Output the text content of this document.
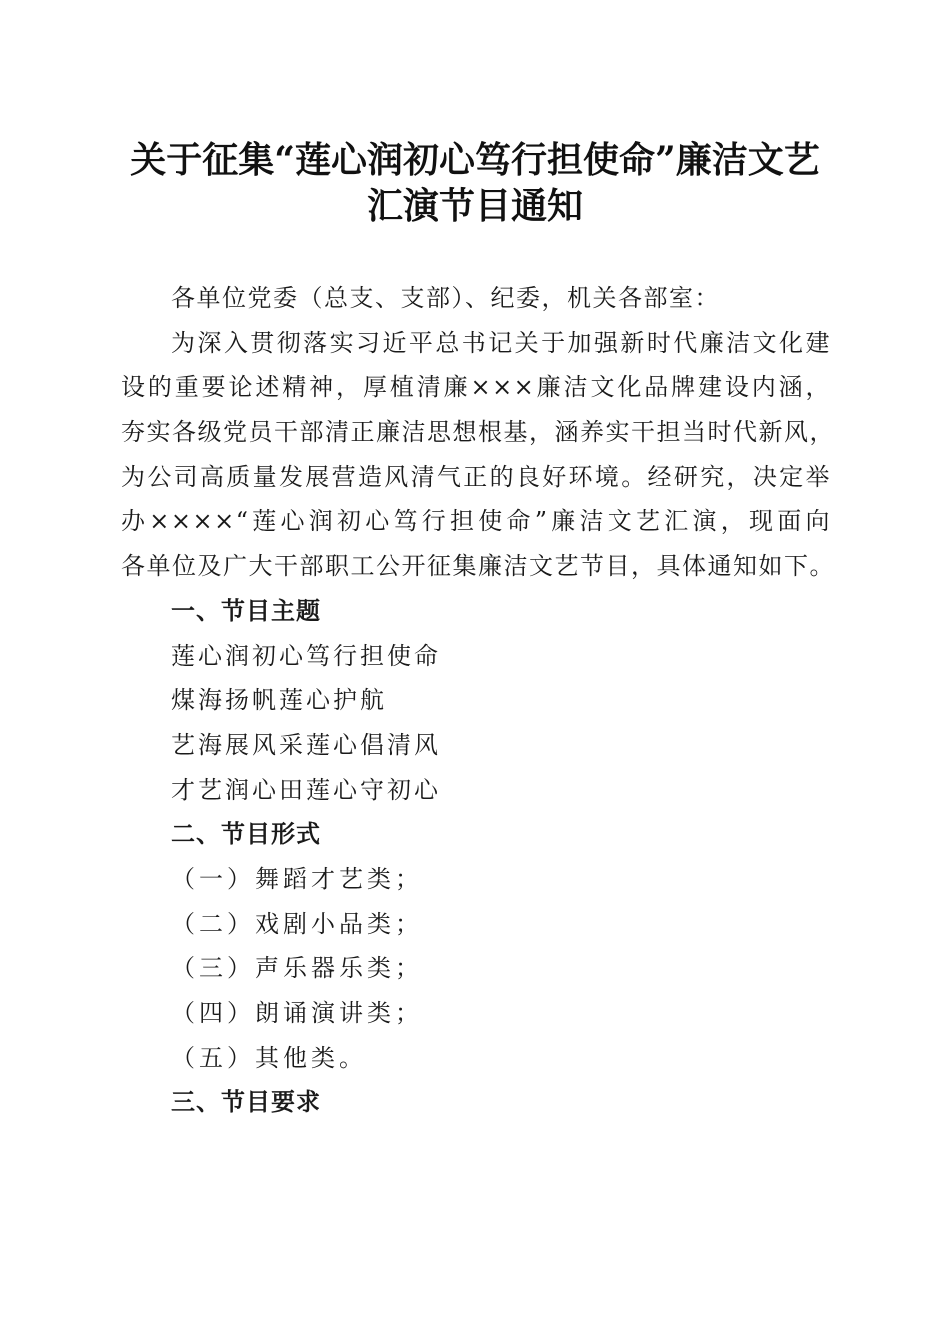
关于征集“莲心润初心笃行担使命”廉洁文艺
汇演节目通知
各单位党委（总支、支部）、纪委，机关各部室：
为深入贯彻落实习近平总书记关于加强新时代廉洁文化建
设的重要论述精神，厚植清廉×××廉洁文化品牌建设内涵，
夯实各级党员干部清正廉洁思想根基，涵养实干担当时代新风，
为公司高质量发展营造风清气正的良好环境。经研究，决定举
办××××“莲心润初心笃行担使命”廉洁文艺汇演，现面向
各单位及广大干部职工公开征集廉洁文艺节目，具体通知如下。
一、节目主题
莲心润初心笃行担使命
煤海扬帆莲心护航
艺海展风采莲心倡清风
才艺润心田莲心守初心
二、节目形式
（一）舞蹈才艺类；
（二）戏剧小品类；
（三）声乐器乐类；
（四）朗诵演讲类；
（五）其他类。
三、节目要求
